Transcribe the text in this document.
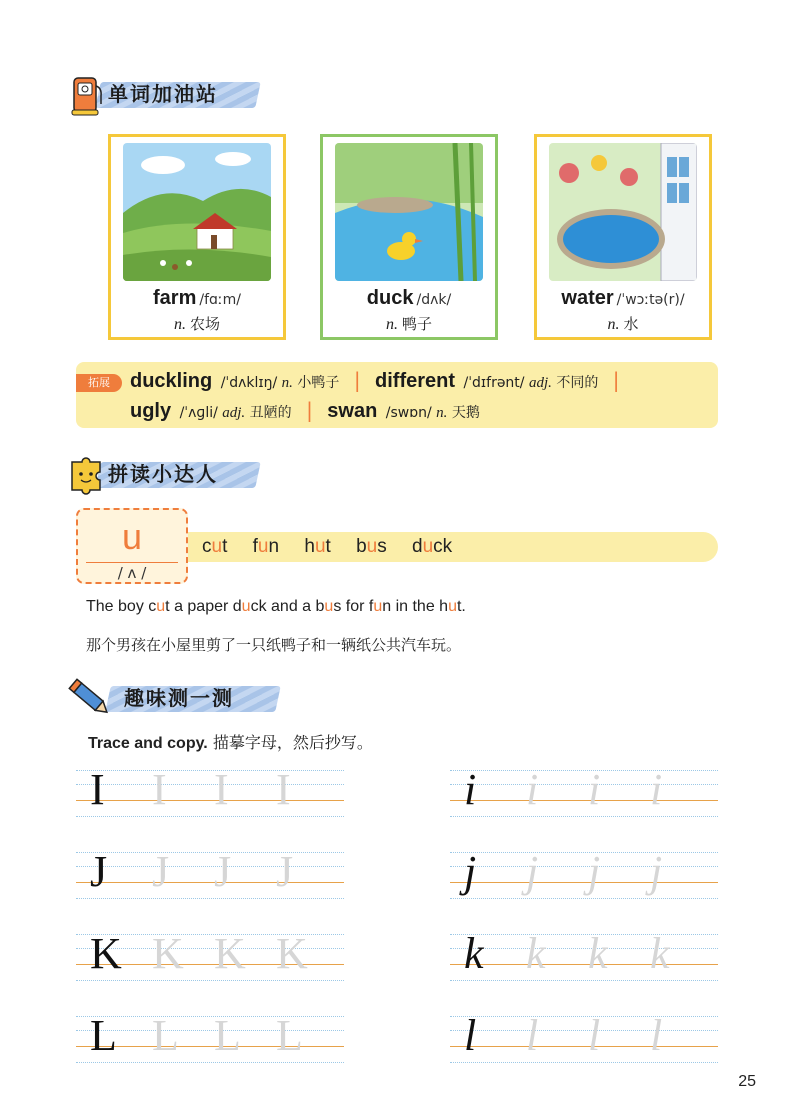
单词加油站
farm /fɑːm/
n. 农场
duck /dʌk/
n. 鸭子
water /ˈwɔːtə(r)/
n. 水
拓展	duckling /ˈdʌklɪŋ/ n. 小鸭子 | different /ˈdɪfrənt/ adj. 不同的 |
ugly /ˈʌɡli/ adj. 丑陋的 | swan /swɒn/ n. 天鹅
拼读小达人
u
/ ʌ /
cut fun hut bus duck
The boy cut a paper duck and a bus for fun in the hut.
那个男孩在小屋里剪了一只纸鸭子和一辆纸公共汽车玩。
趣味测一测
Trace and copy. 描摹字母，然后抄写。
I I I I
J J J J
K K K K
L L L L
i i i i
j j j j
k k k k
l l l l
25
